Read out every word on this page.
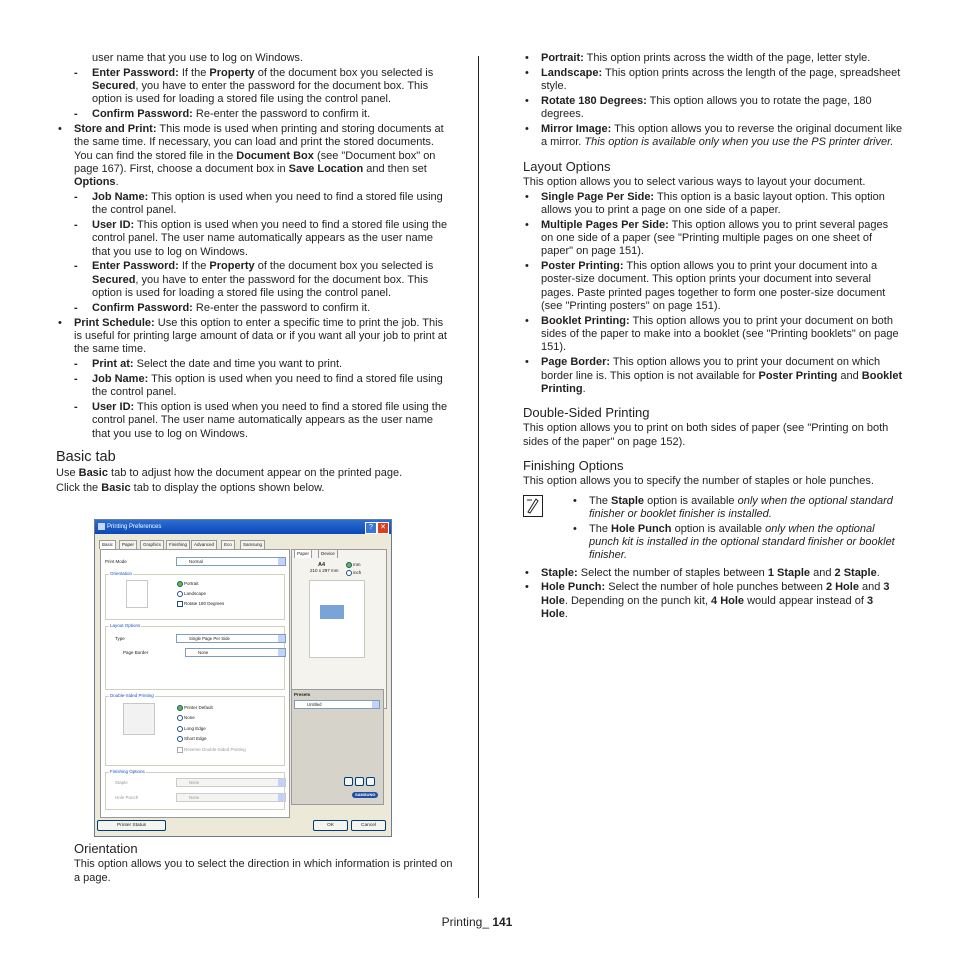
user name that you use to log on Windows.

- Enter Password: If the Property of the document box you selected is Secured, you have to enter the password for the document box. This option is used for loading a stored file using the control panel.

- Confirm Password: Re-enter the password to confirm it.

• Store and Print: This mode is used when printing and storing documents at the same time. If necessary, you can load and print the stored documents. You can find the stored file in the Document Box (see "Document box" on page 167). First, choose a document box in Save Location and then set Options.

- Job Name: This option is used when you need to find a stored file using the control panel.

- User ID: This option is used when you need to find a stored file using the control panel. The user name automatically appears as the user name that you use to log on Windows.

- Enter Password: If the Property of the document box you selected is Secured, you have to enter the password for the document box. This option is used for loading a stored file using the control panel.

- Confirm Password: Re-enter the password to confirm it.

• Print Schedule: Use this option to enter a specific time to print the job. This is useful for printing large amount of data or if you want all your job to print at the same time.

- Print at: Select the date and time you want to print.

- Job Name: This option is used when you need to find a stored file using the control panel.

- User ID: This option is used when you need to find a stored file using the control panel. The user name automatically appears as the user name that you use to log on Windows.

Basic tab

Use Basic tab to adjust how the document appear on the printed page.

Click the Basic tab to display the options shown below.

Orientation

This option allows you to select the direction in which information is printed on a page.

Printing Preferences	?	✕
Basic	Paper	Graphics	Finishing	Advanced	Eco	Samsung
Print Mode	Normal
Orientation
Portrait
Landscape
Rotate 180 Degrees
Layout Options
Type	Single Page Per Side
Page Border	None
Double-Sided Printing
Printer Default
None
Long Edge
Short Edge
Reverse Double-Sided Printing
Finishing Options
Staple	None
Hole Punch	None
Paper	Device
A4
210 x 297 mm
mm
inch
Presets
Untitled
SAMSUNG
Printer Status	OK	Cancel

• Portrait: This option prints across the width of the page, letter style.

• Landscape: This option prints across the length of the page, spreadsheet style.

• Rotate 180 Degrees: This option allows you to rotate the page, 180 degrees.

• Mirror Image: This option allows you to reverse the original document like a mirror. This option is available only when you use the PS printer driver.

Layout Options

This option allows you to select various ways to layout your document.

• Single Page Per Side: This option is a basic layout option. This option allows you to print a page on one side of a paper.

• Multiple Pages Per Side: This option allows you to print several pages on one side of a paper (see "Printing multiple pages on one sheet of paper" on page 151).

• Poster Printing: This option allows you to print your document into a poster-size document. This option prints your document into several pages. Paste printed pages together to form one poster-size document (see "Printing posters" on page 151).

• Booklet Printing: This option allows you to print your document on both sides of the paper to make into a booklet (see "Printing booklets" on page 151).

• Page Border: This option allows you to print your document on which border line is. This option is not available for Poster Printing and Booklet Printing.

Double-Sided Printing

This option allows you to print on both sides of paper (see "Printing on both sides of the paper" on page 152).

Finishing Options

This option allows you to specify the number of staples or hole punches.

• The Staple option is available only when the optional standard finisher or booklet finisher is installed.

• The Hole Punch option is available only when the optional punch kit is installed in the optional standard finisher or booklet finisher.

• Staple: Select the number of staples between 1 Staple and 2 Staple.

• Hole Punch: Select the number of hole punches between 2 Hole and 3 Hole. Depending on the punch kit, 4 Hole would appear instead of 3 Hole.

Printing_ 141
